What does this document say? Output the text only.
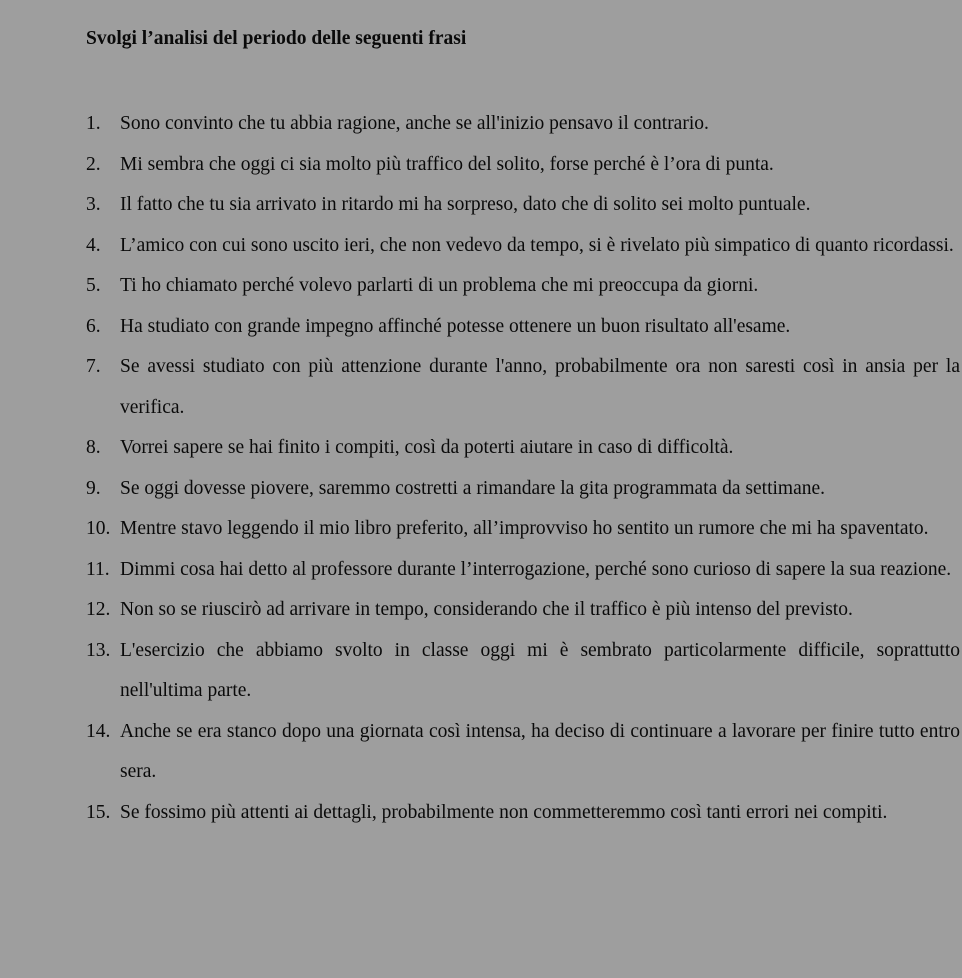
Svolgi l’analisi del periodo delle seguenti frasi
1. Sono convinto che tu abbia ragione, anche se all'inizio pensavo il contrario.
2. Mi sembra che oggi ci sia molto più traffico del solito, forse perché è l’ora di punta.
3. Il fatto che tu sia arrivato in ritardo mi ha sorpreso, dato che di solito sei molto puntuale.
4. L’amico con cui sono uscito ieri, che non vedevo da tempo, si è rivelato più simpatico di quanto ricordassi.
5. Ti ho chiamato perché volevo parlarti di un problema che mi preoccupa da giorni.
6. Ha studiato con grande impegno affinché potesse ottenere un buon risultato all'esame.
7. Se avessi studiato con più attenzione durante l'anno, probabilmente ora non saresti così in ansia per la verifica.
8. Vorrei sapere se hai finito i compiti, così da poterti aiutare in caso di difficoltà.
9. Se oggi dovesse piovere, saremmo costretti a rimandare la gita programmata da settimane.
10. Mentre stavo leggendo il mio libro preferito, all’improvviso ho sentito un rumore che mi ha spaventato.
11. Dimmi cosa hai detto al professore durante l’interrogazione, perché sono curioso di sapere la sua reazione.
12. Non so se riuscirò ad arrivare in tempo, considerando che il traffico è più intenso del previsto.
13. L'esercizio che abbiamo svolto in classe oggi mi è sembrato particolarmente difficile, soprattutto nell'ultima parte.
14. Anche se era stanco dopo una giornata così intensa, ha deciso di continuare a lavorare per finire tutto entro sera.
15. Se fossimo più attenti ai dettagli, probabilmente non commetteremmo così tanti errori nei compiti.
